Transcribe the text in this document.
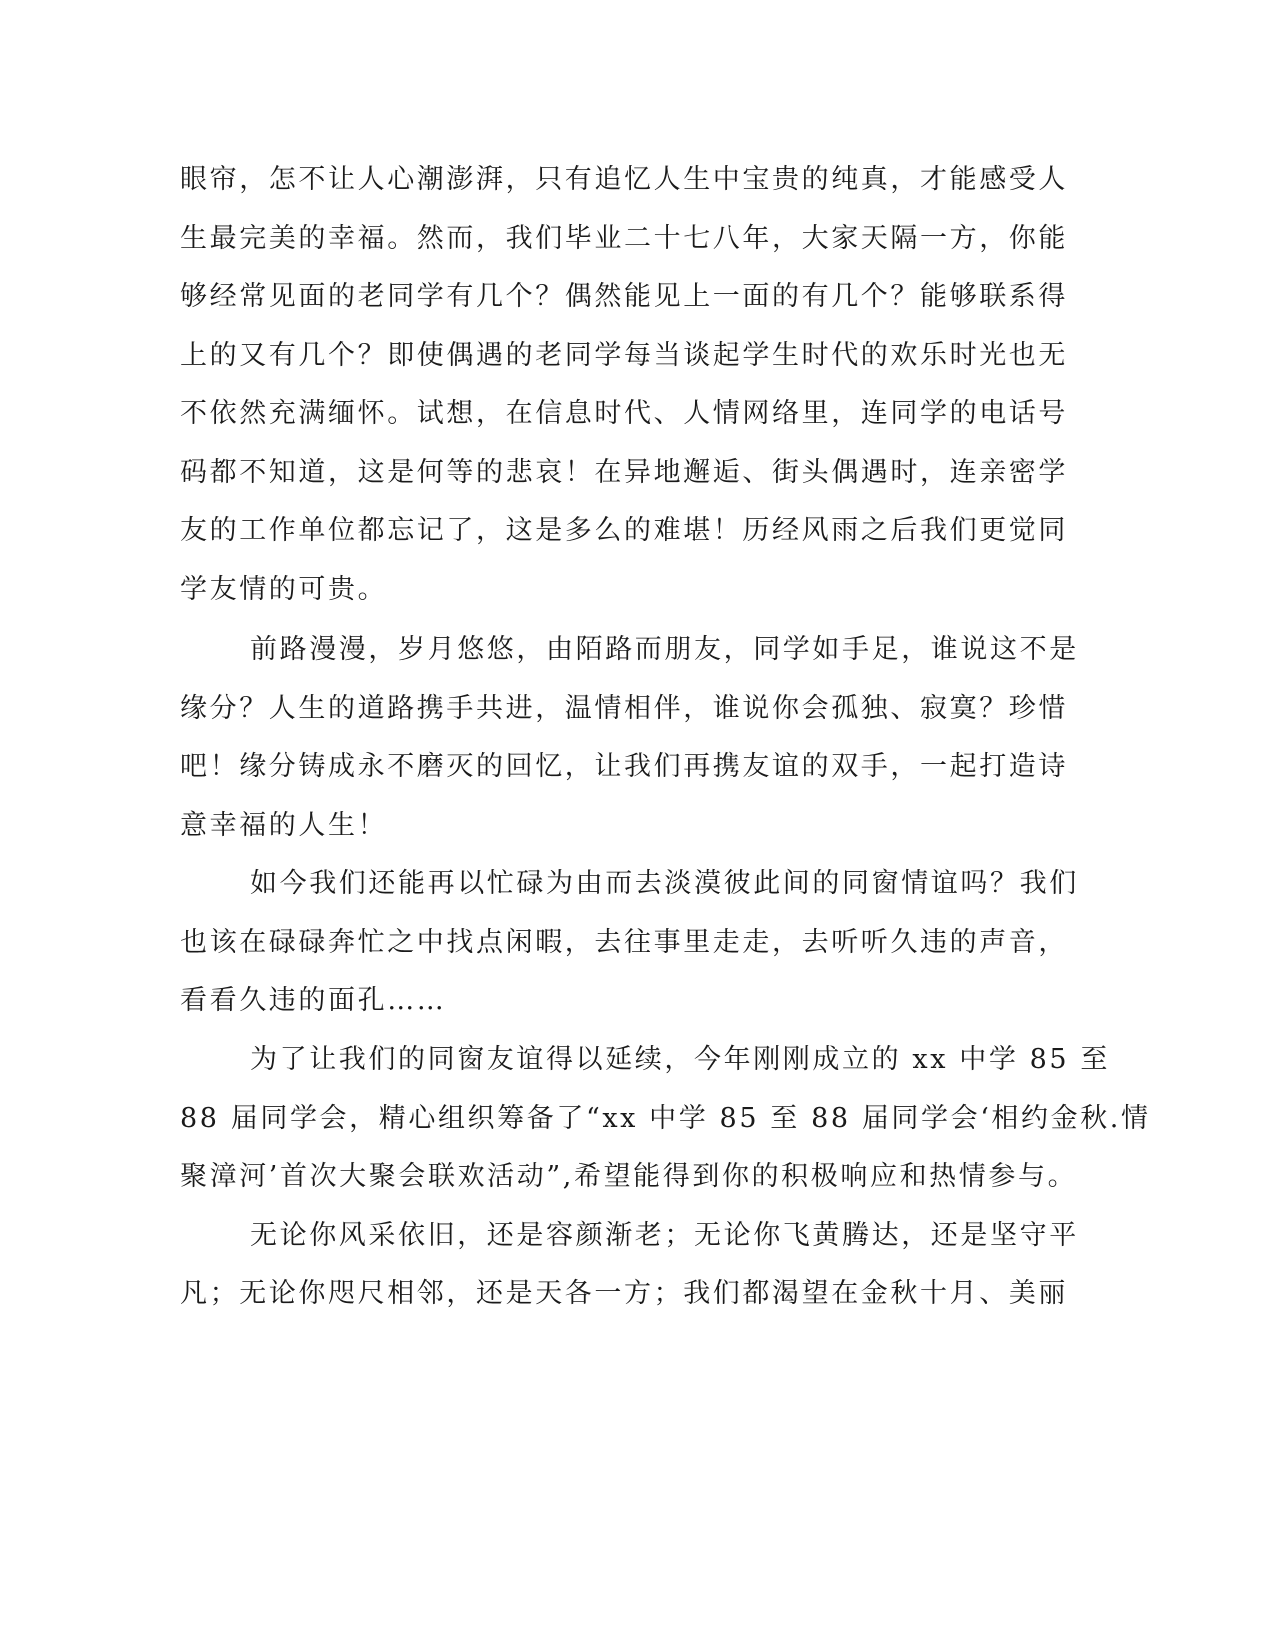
眼帘，怎不让人心潮澎湃，只有追忆人生中宝贵的纯真，才能感受人
生最完美的幸福。然而，我们毕业二十七八年，大家天隔一方，你能
够经常见面的老同学有几个？偶然能见上一面的有几个？能够联系得
上的又有几个？即使偶遇的老同学每当谈起学生时代的欢乐时光也无
不依然充满缅怀。试想，在信息时代、人情网络里，连同学的电话号
码都不知道，这是何等的悲哀！在异地邂逅、街头偶遇时，连亲密学
友的工作单位都忘记了，这是多么的难堪！历经风雨之后我们更觉同
学友情的可贵。
前路漫漫，岁月悠悠，由陌路而朋友，同学如手足，谁说这不是
缘分？人生的道路携手共进，温情相伴，谁说你会孤独、寂寞？珍惜
吧！缘分铸成永不磨灭的回忆，让我们再携友谊的双手，一起打造诗
意幸福的人生！
如今我们还能再以忙碌为由而去淡漠彼此间的同窗情谊吗？我们
也该在碌碌奔忙之中找点闲暇，去往事里走走，去听听久违的声音，
看看久违的面孔……
为了让我们的同窗友谊得以延续，今年刚刚成立的 xx 中学 85 至
88 届同学会，精心组织筹备了“xx 中学 85 至 88 届同学会‘相约金秋.情
聚漳河’首次大聚会联欢活动”,希望能得到你的积极响应和热情参与。
无论你风采依旧，还是容颜渐老；无论你飞黄腾达，还是坚守平
凡；无论你咫尺相邻，还是天各一方；我们都渴望在金秋十月、美丽
